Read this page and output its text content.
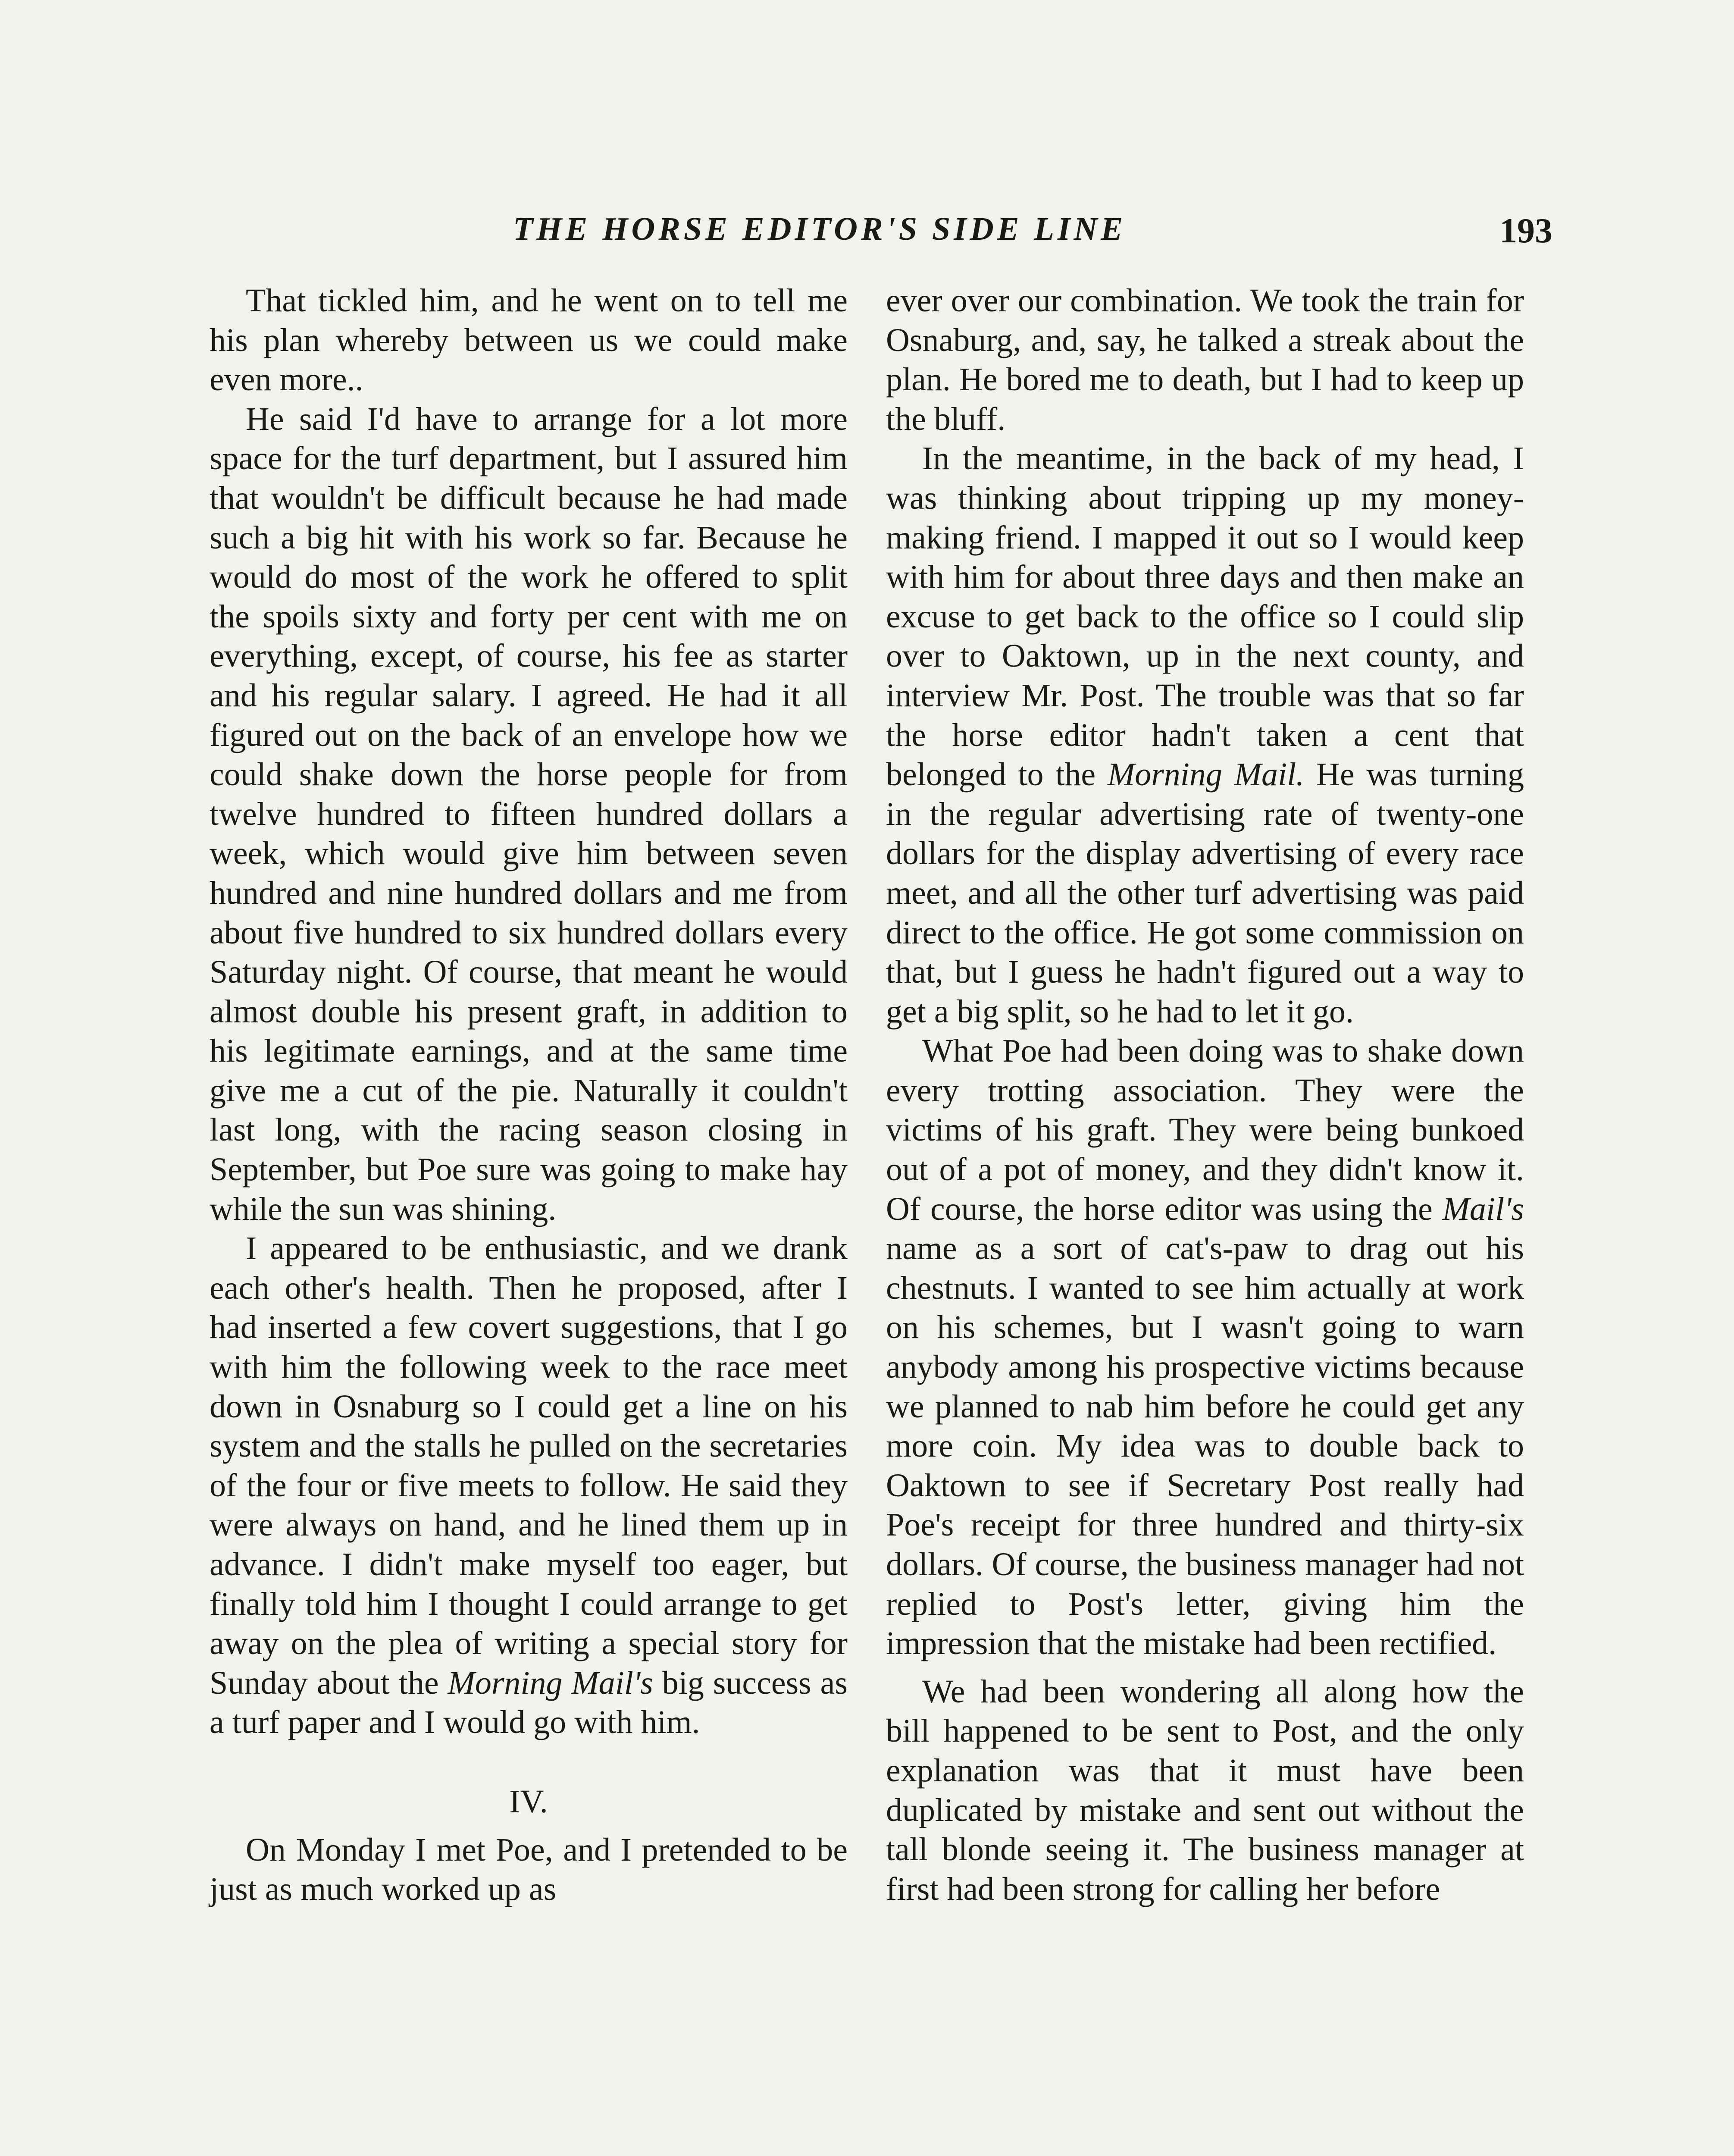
THE HORSE EDITOR'S SIDE LINE	193

That tickled him, and he went on to tell me his plan whereby between us we could make even more..

He said I'd have to arrange for a lot more space for the turf department, but I assured him that wouldn't be difficult because he had made such a big hit with his work so far. Because he would do most of the work he offered to split the spoils sixty and forty per cent with me on everything, except, of course, his fee as starter and his regular salary. I agreed. He had it all figured out on the back of an envelope how we could shake down the horse people for from twelve hundred to fifteen hundred dollars a week, which would give him between seven hundred and nine hundred dollars and me from about five hundred to six hundred dollars every Saturday night. Of course, that meant he would almost double his present graft, in addition to his legitimate earnings, and at the same time give me a cut of the pie. Naturally it couldn't last long, with the racing season closing in September, but Poe sure was going to make hay while the sun was shining.

I appeared to be enthusiastic, and we drank each other's health. Then he proposed, after I had inserted a few covert suggestions, that I go with him the following week to the race meet down in Osnaburg so I could get a line on his system and the stalls he pulled on the secretaries of the four or five meets to follow. He said they were always on hand, and he lined them up in advance. I didn't make myself too eager, but finally told him I thought I could arrange to get away on the plea of writing a special story for Sunday about the Morning Mail's big success as a turf paper and I would go with him.

IV.

On Monday I met Poe, and I pretended to be just as much worked up as

ever over our combination. We took the train for Osnaburg, and, say, he talked a streak about the plan. He bored me to death, but I had to keep up the bluff.

In the meantime, in the back of my head, I was thinking about tripping up my money-making friend. I mapped it out so I would keep with him for about three days and then make an excuse to get back to the office so I could slip over to Oaktown, up in the next county, and interview Mr. Post. The trouble was that so far the horse editor hadn't taken a cent that belonged to the Morning Mail. He was turning in the regular advertising rate of twenty-one dollars for the display advertising of every race meet, and all the other turf advertising was paid direct to the office. He got some commission on that, but I guess he hadn't figured out a way to get a big split, so he had to let it go.

What Poe had been doing was to shake down every trotting association. They were the victims of his graft. They were being bunkoed out of a pot of money, and they didn't know it. Of course, the horse editor was using the Mail's name as a sort of cat's-paw to drag out his chestnuts. I wanted to see him actually at work on his schemes, but I wasn't going to warn anybody among his prospective victims because we planned to nab him before he could get any more coin. My idea was to double back to Oaktown to see if Secretary Post really had Poe's receipt for three hundred and thirty-six dollars. Of course, the business manager had not replied to Post's letter, giving him the impression that the mistake had been rectified.

We had been wondering all along how the bill happened to be sent to Post, and the only explanation was that it must have been duplicated by mistake and sent out without the tall blonde seeing it. The business manager at first had been strong for calling her before
